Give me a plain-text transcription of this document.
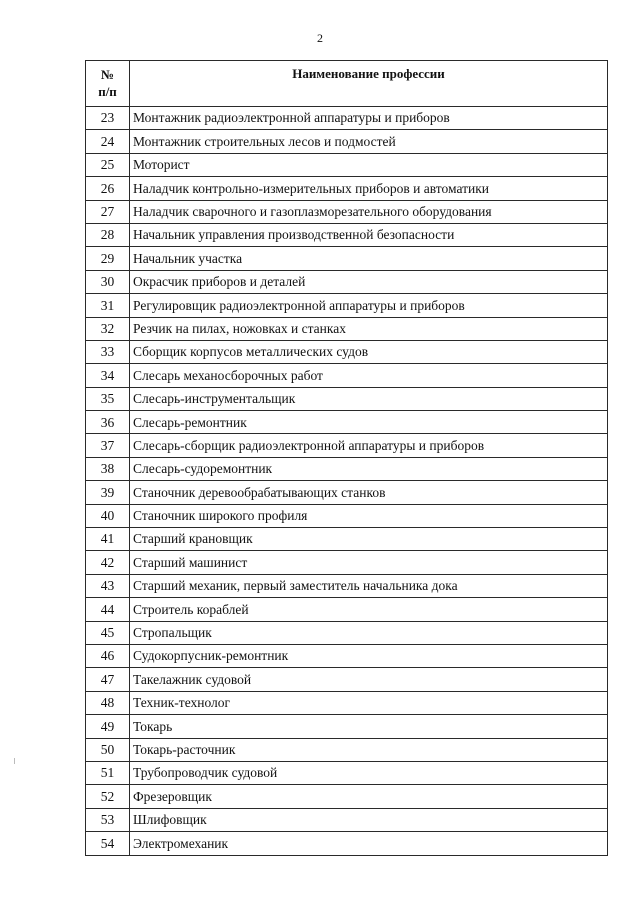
2
№
п/п	Наименование профессии
23	Монтажник радиоэлектронной аппаратуры и приборов
24	Монтажник строительных лесов и подмостей
25	Моторист
26	Наладчик контрольно-измерительных приборов и автоматики
27	Наладчик сварочного и газоплазморезательного оборудования
28	Начальник управления производственной безопасности
29	Начальник участка
30	Окрасчик приборов и деталей
31	Регулировщик радиоэлектронной аппаратуры и приборов
32	Резчик на пилах, ножовках и станках
33	Сборщик корпусов металлических судов
34	Слесарь механосборочных работ
35	Слесарь-инструментальщик
36	Слесарь-ремонтник
37	Слесарь-сборщик радиоэлектронной аппаратуры и приборов
38	Слесарь-судоремонтник
39	Станочник деревообрабатывающих станков
40	Станочник широкого профиля
41	Старший крановщик
42	Старший машинист
43	Старший механик, первый заместитель начальника дока
44	Строитель кораблей
45	Стропальщик
46	Судокорпусник-ремонтник
47	Такелажник судовой
48	Техник-технолог
49	Токарь
50	Токарь-расточник
51	Трубопроводчик судовой
52	Фрезеровщик
53	Шлифовщик
54	Электромеханик
